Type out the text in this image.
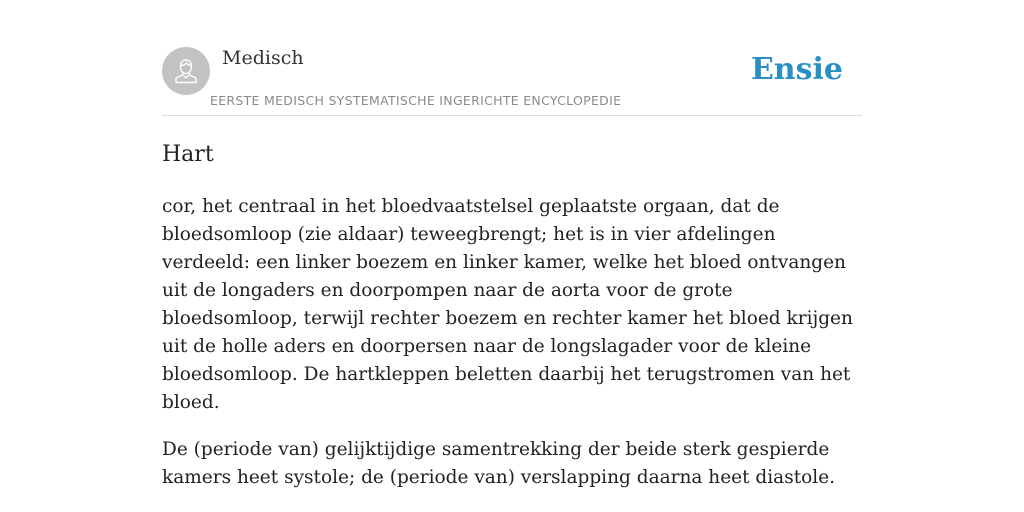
Medisch
EERSTE MEDISCH SYSTEMATISCHE INGERICHTE ENCYCLOPEDIE
Ensie
Hart

cor, het centraal in het bloedvaatstelsel geplaatste orgaan, dat de bloedsomloop (zie aldaar) teweegbrengt; het is in vier afdelingen verdeeld: een linker boezem en linker kamer, welke het bloed ontvangen uit de longaders en doorpompen naar de aorta voor de grote bloedsomloop, terwijl rechter boezem en rechter kamer het bloed krijgen uit de holle aders en doorpersen naar de longslagader voor de kleine bloedsomloop. De hartkleppen beletten daarbij het terugstromen van het bloed.

De (periode van) gelijktijdige samentrekking der beide sterk gespierde kamers heet systole; de (periode van) verslapping daarna heet diastole.
